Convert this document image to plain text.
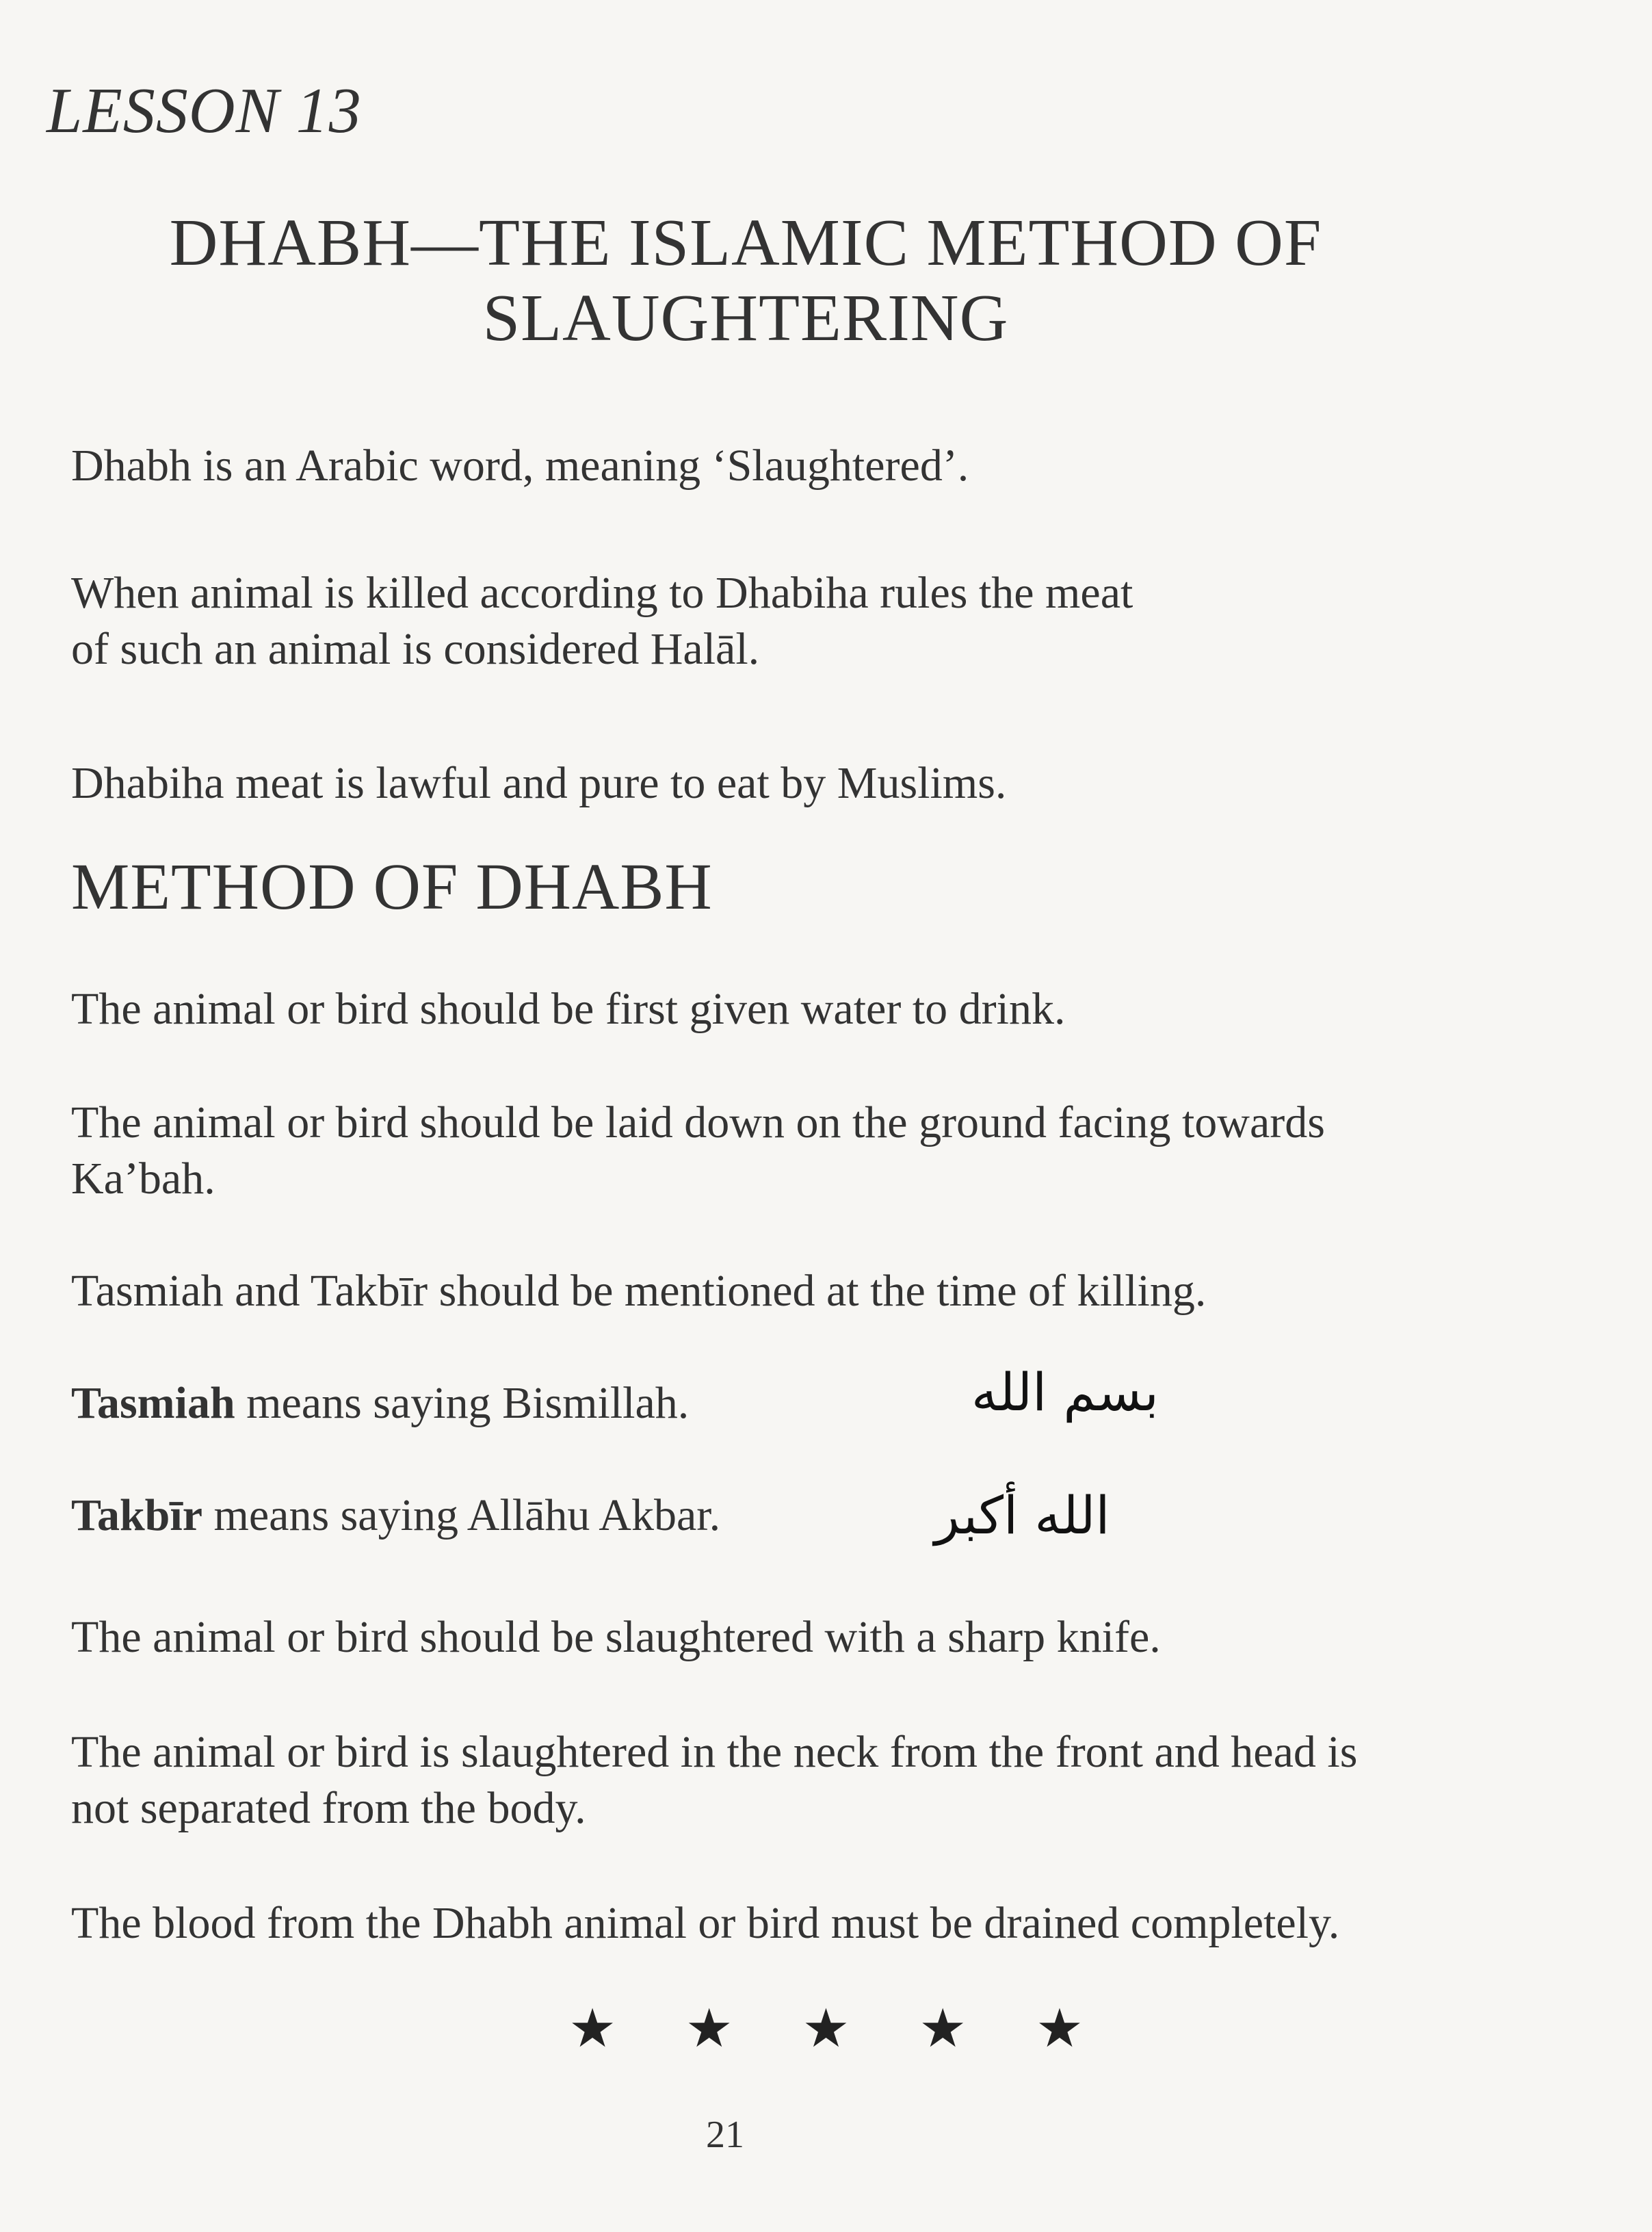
LESSON 13
DHABH—THE ISLAMIC METHOD OF
SLAUGHTERING
Dhabh is an Arabic word, meaning ‘Slaughtered’.
When animal is killed according to Dhabiha rules the meat
of such an animal is considered Halāl.
Dhabiha meat is lawful and pure to eat by Muslims.
METHOD OF DHABH
The animal or bird should be first given water to drink.
The animal or bird should be laid down on the ground facing towards
Ka’bah.
Tasmiah and Takbīr should be mentioned at the time of killing.
Tasmiah means saying Bismillah.	بسم الله
Takbīr means saying Allāhu Akbar.	الله أكبر
The animal or bird should be slaughtered with a sharp knife.
The animal or bird is slaughtered in the neck from the front and head is
not separated from the body.
The blood from the Dhabh animal or bird must be drained completely.
★ ★ ★ ★ ★
21
